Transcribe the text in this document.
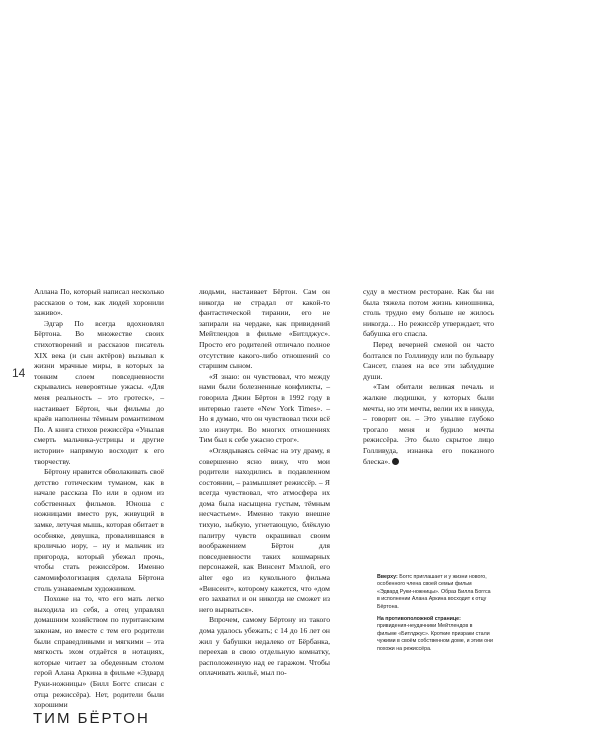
14

Аллана По, который написал несколько рассказов о том, как людей хоронили заживо».

Эдгар По всегда вдохновлял Бёртона. Во множестве своих стихотворений и рассказов писатель XIX века (и сын актёров) вызывал к жизни мрачные миры, в которых за тонким слоем повседневности скрывались невероятные ужасы. «Для меня реальность – это гротеск», – настаивает Бёртон, чьи фильмы до краёв наполнены тёмным романтизмом По. А книга стихов режиссёра «Унылая смерть мальчика-устрицы и другие истории» напрямую восходит к его творчеству.

Бёртону нравится обволакивать своё детство готическим туманом, как в начале рассказа По или в одном из собственных фильмов. Юноша с ножницами вместо рук, живущий в замке, летучая мышь, которая обитает в особняке, девушка, провалившаяся в кроличью нору, – ну и мальчик из пригорода, который убежал прочь, чтобы стать режиссёром. Именно самомифологизация сделала Бёртона столь узнаваемым художником.

Похоже на то, что его мать легко выходила из себя, а отец управлял домашним хозяйством по пуританским законам, но вместе с тем его родители были справедливыми и мягкими – эта мягкость эхом отдаётся в нотациях, которые читает за обеденным столом герой Алана Аркина в фильме «Эдвард Руки-ножницы» (Билл Боггс списан с отца режиссёра). Нет, родители были хорошими

людьми, настаивает Бёртон. Сам он никогда не страдал от какой-то фантастической тирании, его не запирали на чердаке, как привидений Мейтлендов в фильме «Битлджус». Просто его родителей отличало полное отсутствие какого-либо отношений со старшим сыном.

«Я знаю: он чувствовал, что между нами были болезненные конфликты, – говорила Джин Бёртон в 1992 году в интервью газете «New York Times». – Но я думаю, что он чувствовал тихи всё зло изнутри. Во многих отношениях Тим был к себе ужасно строг».

«Оглядываясь сейчас на эту драму, я совершенно ясно вижу, что мои родители находились в подавленном состоянии, – размышляет режиссёр. – Я всегда чувствовал, что атмосфера их дома была насыщена густым, тёмным несчастьем». Именно такую внешне тихую, зыбкую, угнетающую, блёклую палитру чувств окрашивал своим воображением Бёртон для повседневности таких кошмарных персонажей, как Винсент Мэллой, его alter ego из кукольного фильма «Винсент», которому кажется, что «дом его захватил и он никогда не сможет из него вырваться».

Впрочем, самому Бёртону из такого дома удалось убежать; с 14 до 16 лет он жил у бабушки недалеко от Бёрбанка, переехав в свою отдельную комнатку, расположенную над ее гаражом. Чтобы оплачивать жильё, мыл по-

суду в местном ресторане. Как бы ни была тяжела потом жизнь киношника, столь трудно ему больше не жилось никогда… Но режиссёр утверждает, что бабушка его спасла.

Перед вечерней сменой он часто болтался по Голливуду или по бульвару Сансет, глазея на все эти заблудшие души.

«Там обитали великая печаль и жалкие людишки, у которых были мечты, но эти мечты, велии их в никуда, – говорит он. – Это унылие глубоко трогало меня и будило мечты режиссёра. Это было скрытое лицо Голливуда, изнанка его показного блеска».

Вверху: Боггс приглашает и у жизни нового, особенного члена своей семьи фильм «Эдвард Руки-ножницы». Образ Билла Боггса в исполнении Алана Аркина восходит к отцу Бёртона.

На противоположной странице: привидения-неудачники Мейтлендов в фильме «Битлджус». Кроткие призраки стали чужими в своём собственном доме, и этим они похожи на режиссёра.

ТИМ БЁРТОН
